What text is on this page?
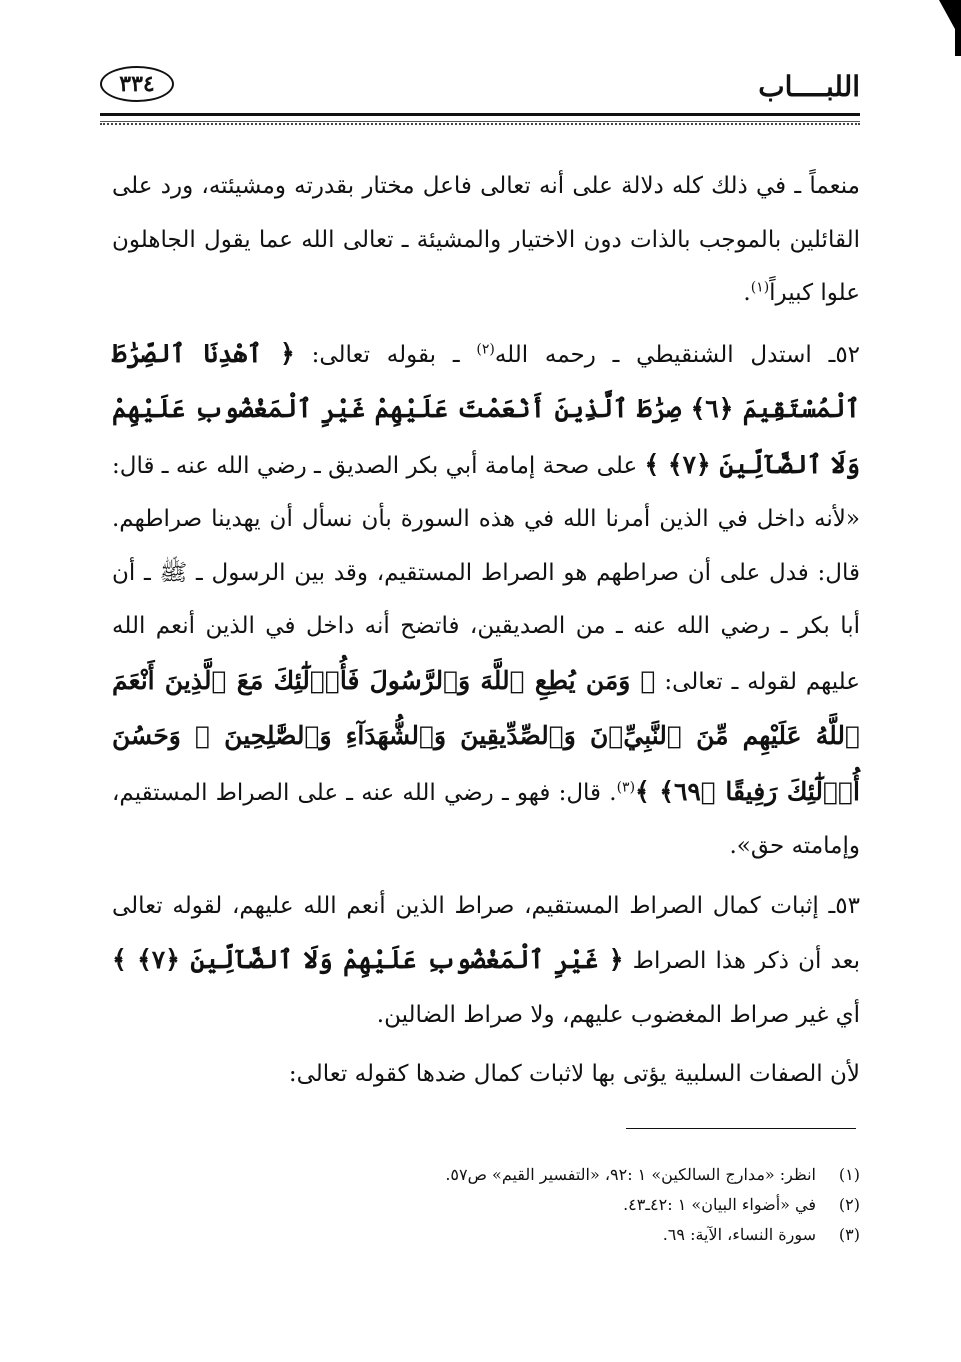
اللبــــاب
٣٣٤

منعماً ـ في ذلك كله دلالة على أنه تعالى فاعل مختار بقدرته ومشيئته، ورد على القائلين بالموجب بالذات دون الاختيار والمشيئة ـ تعالى الله عما يقول الجاهلون علوا كبيراً$^{(١)}$.

٥٢ـ استدل الشنقيطي ـ رحمه الله$^{(٢)}$ ـ بقوله تعالى: ﴿ ٱهْدِنَا ٱلصِّرَٰطَ ٱلْمُسْتَقِيمَ ﴿٦﴾ صِرَٰطَ ٱلَّذِينَ أَنْعَمْتَ عَلَيْهِمْ غَيْرِ ٱلْمَغْضُوبِ عَلَيْهِمْ وَلَا ٱلضَّآلِّينَ ﴿٧﴾ ﴾ على صحة إمامة أبي بكر الصديق ـ رضي الله عنه ـ قال: «لأنه داخل في الذين أمرنا الله في هذه السورة بأن نسأل أن يهدينا صراطهم. قال: فدل على أن صراطهم هو الصراط المستقيم، وقد بين الرسول ـ ﷺ ـ أن أبا بكر ـ رضي الله عنه ـ من الصديقين، فاتضح أنه داخل في الذين أنعم الله عليهم لقوله ـ تعالى: ﴿ وَمَن يُطِعِ ٱللَّهَ وَٱلرَّسُولَ فَأُو۟لَٰٓئِكَ مَعَ ٱلَّذِينَ أَنْعَمَ ٱللَّهُ عَلَيْهِم مِّنَ ٱلنَّبِيِّۦنَ وَٱلصِّدِّيقِينَ وَٱلشُّهَدَآءِ وَٱلصَّٰلِحِينَ ۚ وَحَسُنَ أُو۟لَٰٓئِكَ رَفِيقًا ﴿٦٩﴾ ﴾$^{(٣)}$. قال: فهو ـ رضي الله عنه ـ على الصراط المستقيم، وإمامته حق».

٥٣ـ إثبات كمال الصراط المستقيم، صراط الذين أنعم الله عليهم، لقوله تعالى بعد أن ذكر هذا الصراط ﴿ غَيْرِ ٱلْمَغْضُوبِ عَلَيْهِمْ وَلَا ٱلضَّآلِّينَ ﴿٧﴾ ﴾ أي غير صراط المغضوب عليهم، ولا صراط الضالين.

لأن الصفات السلبية يؤتى بها لاثبات كمال ضدها كقوله تعالى:

(١)
انظر: «مدارج السالكين» ١ :٩٢، «التفسير القيم» ص٥٧.
(٢)
في «أضواء البيان» ١ :٤٢ـ٤٣.
(٣)
سورة النساء، الآية: ٦٩.
